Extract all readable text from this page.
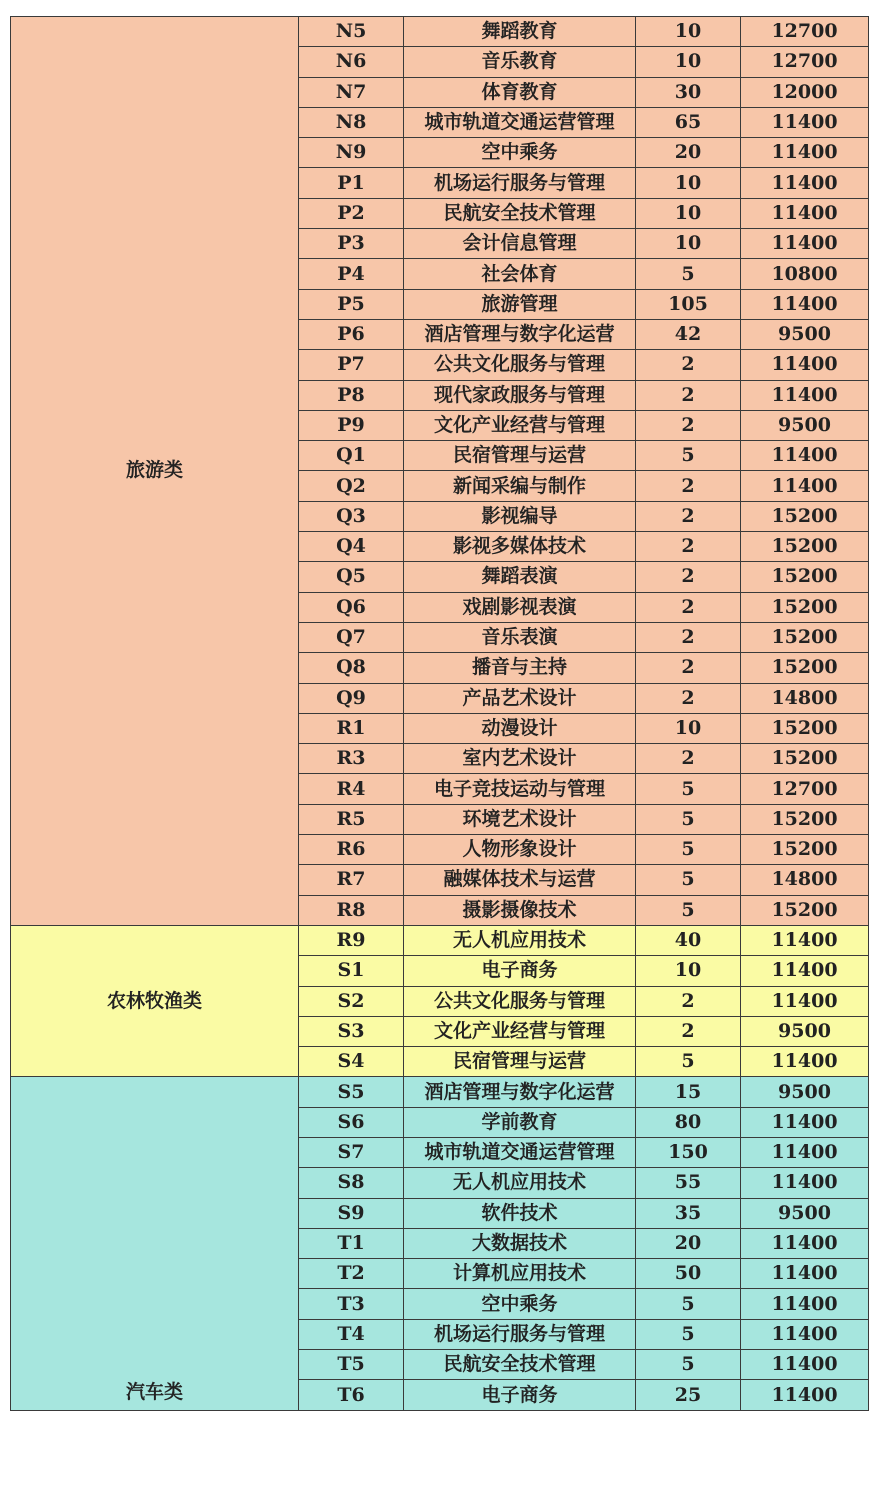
旅游类	N5	舞蹈教育	10	12700
	N6	音乐教育	10	12700
	N7	体育教育	30	12000
	N8	城市轨道交通运营管理	65	11400
	N9	空中乘务	20	11400
	P1	机场运行服务与管理	10	11400
	P2	民航安全技术管理	10	11400
	P3	会计信息管理	10	11400
	P4	社会体育	5	10800
	P5	旅游管理	105	11400
	P6	酒店管理与数字化运营	42	9500
	P7	公共文化服务与管理	2	11400
	P8	现代家政服务与管理	2	11400
	P9	文化产业经营与管理	2	9500
	Q1	民宿管理与运营	5	11400
	Q2	新闻采编与制作	2	11400
	Q3	影视编导	2	15200
	Q4	影视多媒体技术	2	15200
	Q5	舞蹈表演	2	15200
	Q6	戏剧影视表演	2	15200
	Q7	音乐表演	2	15200
	Q8	播音与主持	2	15200
	Q9	产品艺术设计	2	14800
	R1	动漫设计	10	15200
	R3	室内艺术设计	2	15200
	R4	电子竞技运动与管理	5	12700
	R5	环境艺术设计	5	15200
	R6	人物形象设计	5	15200
	R7	融媒体技术与运营	5	14800
	R8	摄影摄像技术	5	15200
农林牧渔类	R9	无人机应用技术	40	11400
	S1	电子商务	10	11400
	S2	公共文化服务与管理	2	11400
	S3	文化产业经营与管理	2	9500
	S4	民宿管理与运营	5	11400
汽车类	S5	酒店管理与数字化运营	15	9500
	S6	学前教育	80	11400
	S7	城市轨道交通运营管理	150	11400
	S8	无人机应用技术	55	11400
	S9	软件技术	35	9500
	T1	大数据技术	20	11400
	T2	计算机应用技术	50	11400
	T3	空中乘务	5	11400
	T4	机场运行服务与管理	5	11400
	T5	民航安全技术管理	5	11400
	T6	电子商务	25	11400
